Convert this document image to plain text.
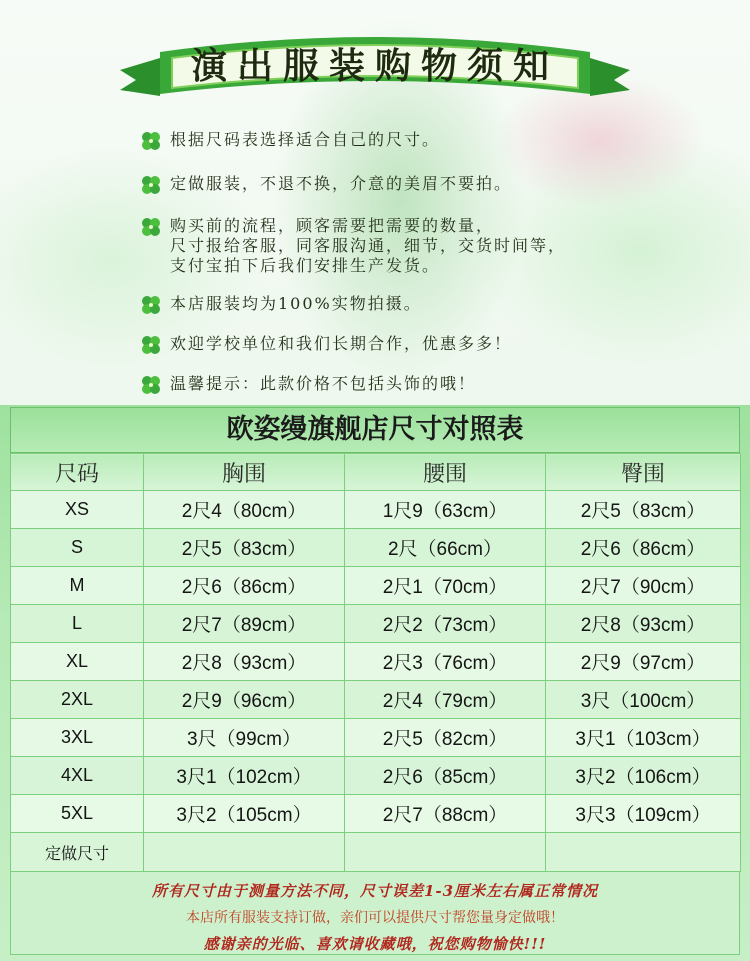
演出服装购物须知
根据尺码表选择适合自己的尺寸。
定做服装，不退不换，介意的美眉不要拍。
购买前的流程，顾客需要把需要的数量，
尺寸报给客服，同客服沟通，细节，交货时间等，
支付宝拍下后我们安排生产发货。
本店服装均为100%实物拍摄。
欢迎学校单位和我们长期合作，优惠多多！
温馨提示：此款价格不包括头饰的哦！
欧姿缦旗舰店尺寸对照表
尺码	胸围	腰围	臀围
XS	2尺4（80cm）	1尺9（63cm）	2尺5（83cm）
S	2尺5（83cm）	2尺（66cm）	2尺6（86cm）
M	2尺6（86cm）	2尺1（70cm）	2尺7（90cm）
L	2尺7（89cm）	2尺2（73cm）	2尺8（93cm）
XL	2尺8（93cm）	2尺3（76cm）	2尺9（97cm）
2XL	2尺9（96cm）	2尺4（79cm）	3尺（100cm）
3XL	3尺（99cm）	2尺5（82cm）	3尺1（103cm）
4XL	3尺1（102cm）	2尺6（85cm）	3尺2（106cm）
5XL	3尺2（105cm）	2尺7（88cm）	3尺3（109cm）
定做尺寸			
所有尺寸由于测量方法不同，尺寸误差1-3厘米左右属正常情况
本店所有服装支持订做，亲们可以提供尺寸帮您量身定做哦！
感谢亲的光临、喜欢请收藏哦，祝您购物愉快!!!
